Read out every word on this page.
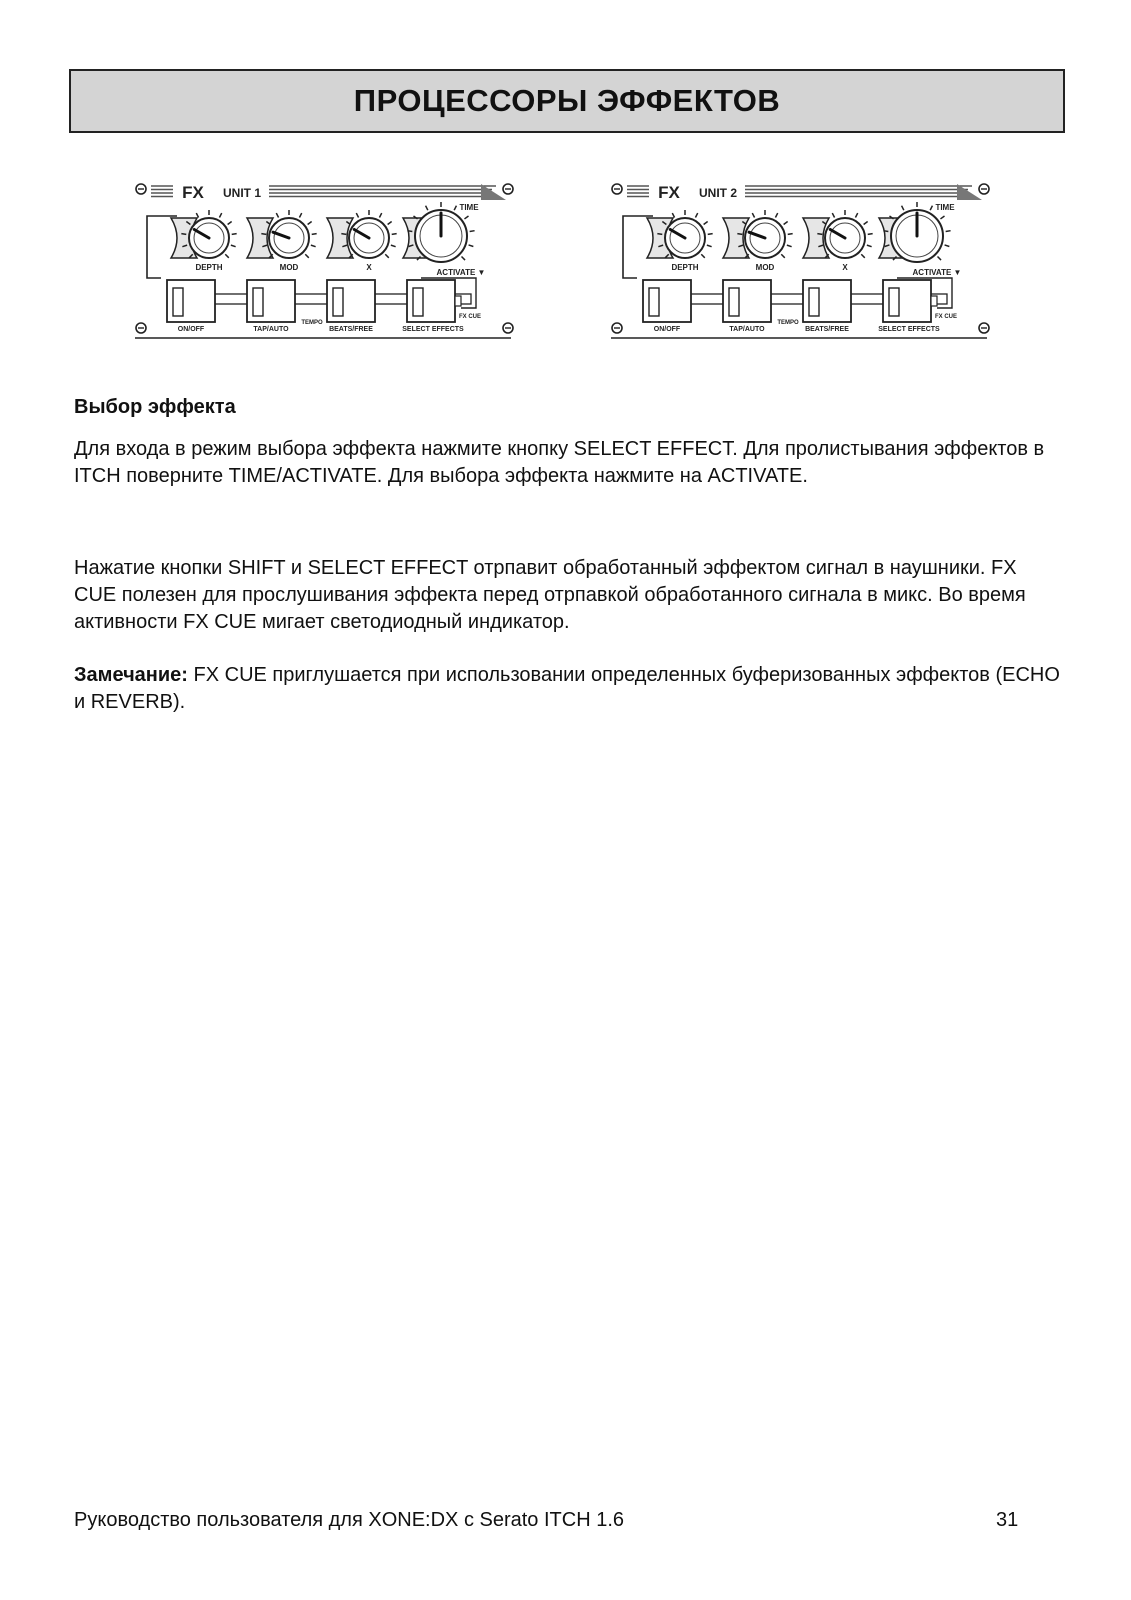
ПРОЦЕССОРЫ ЭФФЕКТОВ
FX UNIT 1
DEPTH	MOD	X
TIME
ACTIVATE ▼
ON/OFF	TAP/AUTO	BEATS/FREE	SELECT EFFECTS
TEMPO
FX CUE
FX UNIT 2
DEPTH	MOD	X
TIME
ACTIVATE ▼
ON/OFF	TAP/AUTO	BEATS/FREE	SELECT EFFECTS
TEMPO
FX CUE

Выбор эффекта

Для входа в режим выбора эффекта нажмите кнопку SELECT EFFECT. Для пролистывания эффектов в ITCH поверните TIME/ACTIVATE. Для выбора эффекта нажмите на ACTIVATE.

Нажатие кнопки SHIFT и SELECT EFFECT отрпавит обработанный эффектом сигнал в наушники. FX CUE полезен для прослушивания эффекта перед отрпавкой обработанного сигнала в микс. Во время активности FX CUE мигает светодиодный индикатор.

Замечание: FX CUE приглушается при использовании определенных буферизованных эффектов (ECHO и REVERB).

Руководство пользователя для XONE:DX с Serato ITCH 1.6	31
